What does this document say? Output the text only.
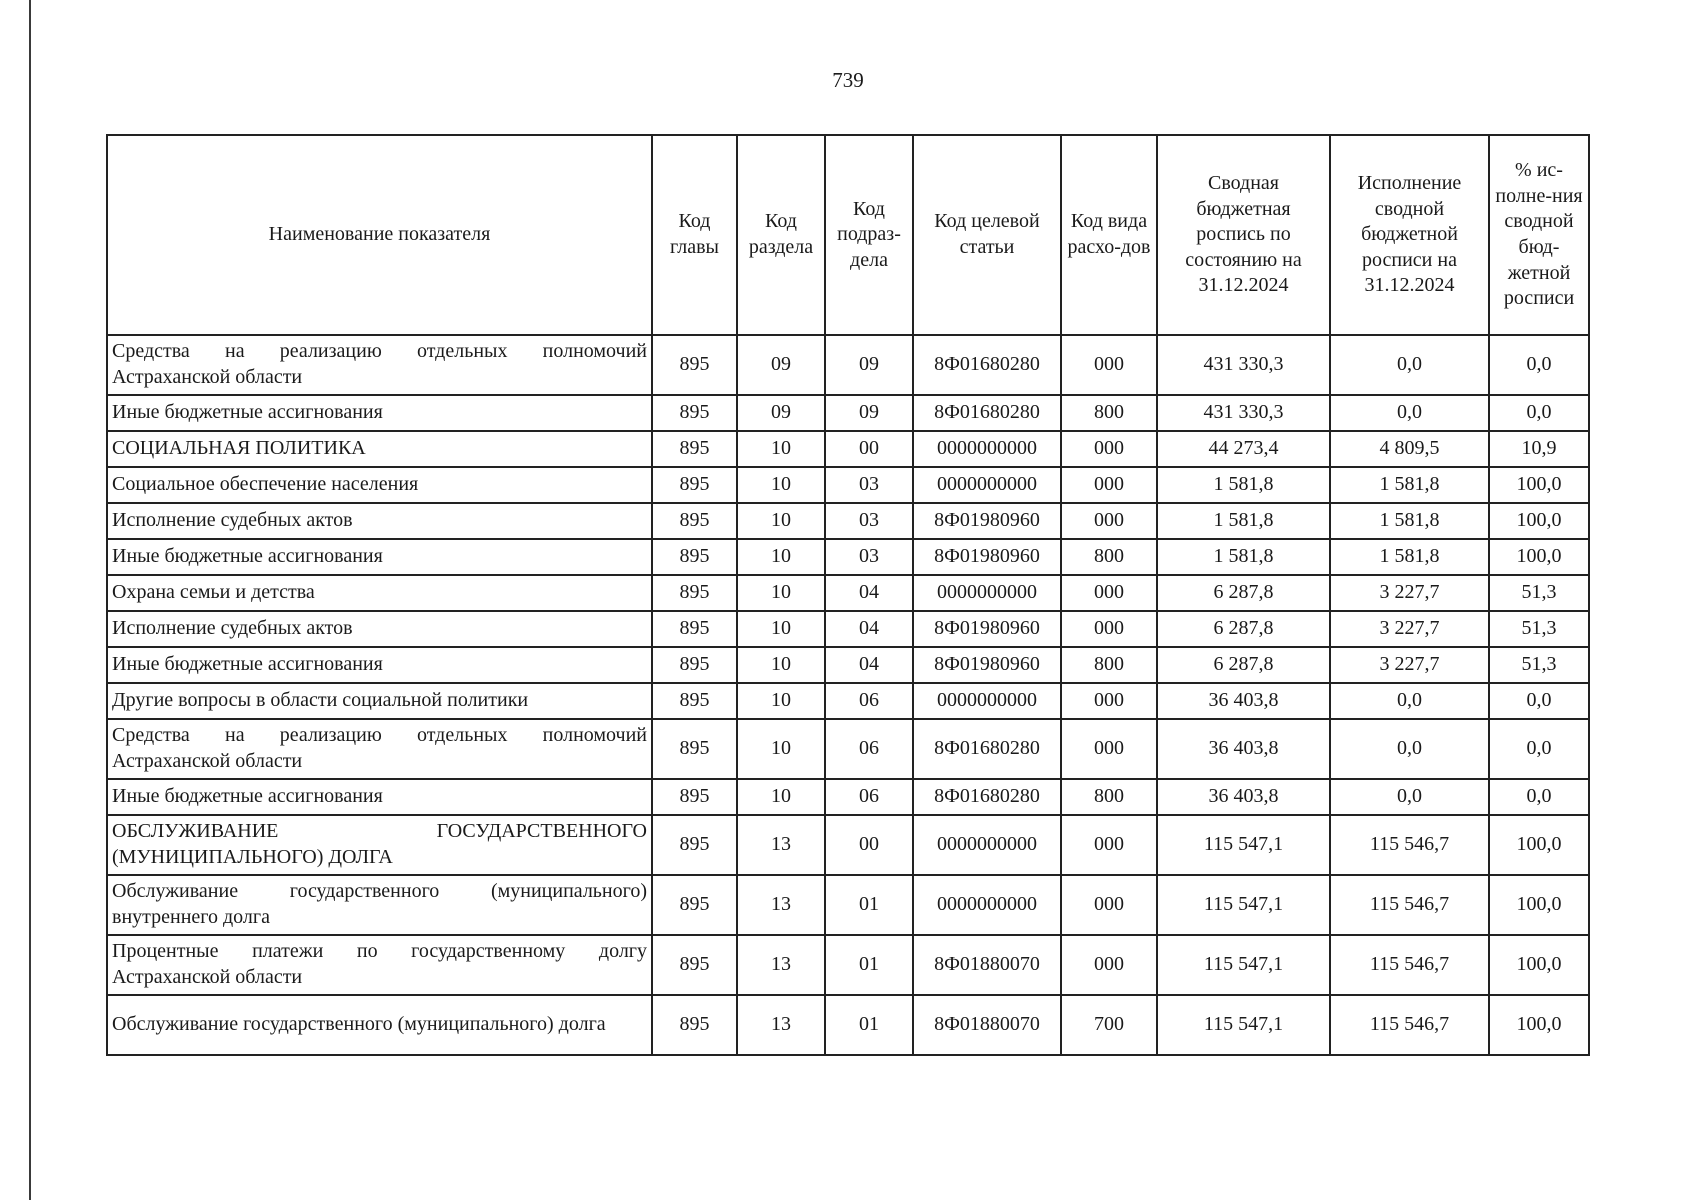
739
Наименование показателя	Код главы	Код раздела	Код подраз-дела	Код целевой статьи	Код вида расхо-дов	Сводная бюджетная роспись по состоянию на 31.12.2024	Исполнение сводной бюджетной росписи на 31.12.2024	% ис-полне-ния сводной бюд-жетной росписи

Средства на реализацию отдельных полномочий Астраханской области	895	09	09	8Ф01680280	000	431 330,3	0,0	0,0
Иные бюджетные ассигнования	895	09	09	8Ф01680280	800	431 330,3	0,0	0,0
СОЦИАЛЬНАЯ ПОЛИТИКА	895	10	00	0000000000	000	44 273,4	4 809,5	10,9
Социальное обеспечение населения	895	10	03	0000000000	000	1 581,8	1 581,8	100,0
Исполнение судебных актов	895	10	03	8Ф01980960	000	1 581,8	1 581,8	100,0
Иные бюджетные ассигнования	895	10	03	8Ф01980960	800	1 581,8	1 581,8	100,0
Охрана семьи и детства	895	10	04	0000000000	000	6 287,8	3 227,7	51,3
Исполнение судебных актов	895	10	04	8Ф01980960	000	6 287,8	3 227,7	51,3
Иные бюджетные ассигнования	895	10	04	8Ф01980960	800	6 287,8	3 227,7	51,3
Другие вопросы в области социальной политики	895	10	06	0000000000	000	36 403,8	0,0	0,0
Средства на реализацию отдельных полномочий Астраханской области	895	10	06	8Ф01680280	000	36 403,8	0,0	0,0
Иные бюджетные ассигнования	895	10	06	8Ф01680280	800	36 403,8	0,0	0,0
ОБСЛУЖИВАНИЕ ГОСУДАРСТВЕННОГО (МУНИЦИПАЛЬНОГО) ДОЛГА	895	13	00	0000000000	000	115 547,1	115 546,7	100,0
Обслуживание государственного (муниципального) внутреннего долга	895	13	01	0000000000	000	115 547,1	115 546,7	100,0
Процентные платежи по государственному долгу Астраханской области	895	13	01	8Ф01880070	000	115 547,1	115 546,7	100,0
Обслуживание государственного (муниципального) долга	895	13	01	8Ф01880070	700	115 547,1	115 546,7	100,0
